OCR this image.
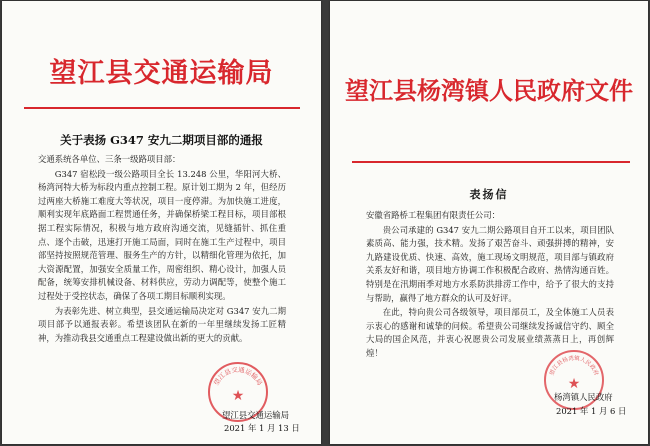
望江县交通运输局
关于表扬 G347 安九二期项目部的通报
交通系统各单位、三条一级路项目部：

G347 宿松段一级公路项目全长 13.248 公里，华阳河大桥、杨湾河特大桥为标段内重点控制工程。原计划工期为 2 年，但经历过两座大桥施工难度大等状况，项目一度停滞。为加快施工进度，顺利实现年底路面工程贯通任务，并确保桥梁工程目标，项目部根据工程实际情况，积极与地方政府沟通交流，见缝插针、抓住重点、逐个击破，迅速打开施工局面，同时在施工生产过程中，项目部坚持按照规范管理、服务生产的方针，以精细化管理为依托，加大资源配置，加强安全质量工作，周密组织、精心设计，加强人员配备，统筹安排机械设备、材料供应，劳动力调配等，使整个施工过程处于受控状态，确保了各项工期目标顺利实现。

为表彰先进、树立典型，县交通运输局决定对 G347 安九二期项目部予以通报表彰。希望该团队在新的一年里继续发扬工匠精神，为推动我县交通重点工程建设做出新的更大的贡献。

望江县交通运输局
★
望江县交通运输局
2021 年 1 月 13 日
望江县杨湾镇人民政府文件
表扬信
安徽省路桥工程集团有限责任公司：

贵公司承建的 G347 安九二期公路项目自开工以来，项目团队素质高、能力强，技术精。发扬了艰苦奋斗、顽强拼搏的精神，安九路建设优质、快速、高效，施工现场文明规范，项目部与镇政府关系友好和谐，项目地方协调工作积极配合政府、热情沟通百姓。特别是在汛期雨季对地方水系防洪排涝工作中，给予了很大的支持与帮助，赢得了地方群众的认可及好评。

在此，特向贵公司各级领导，项目部员工，及全体施工人员表示衷心的感谢和诚挚的问候。希望贵公司继续发扬诚信守约、顾全大局的国企风范，并衷心祝愿贵公司发展业绩蒸蒸日上，再创辉煌！

望江县杨湾镇人民政府
★
杨湾镇人民政府
2021 年 1 月 6 日
